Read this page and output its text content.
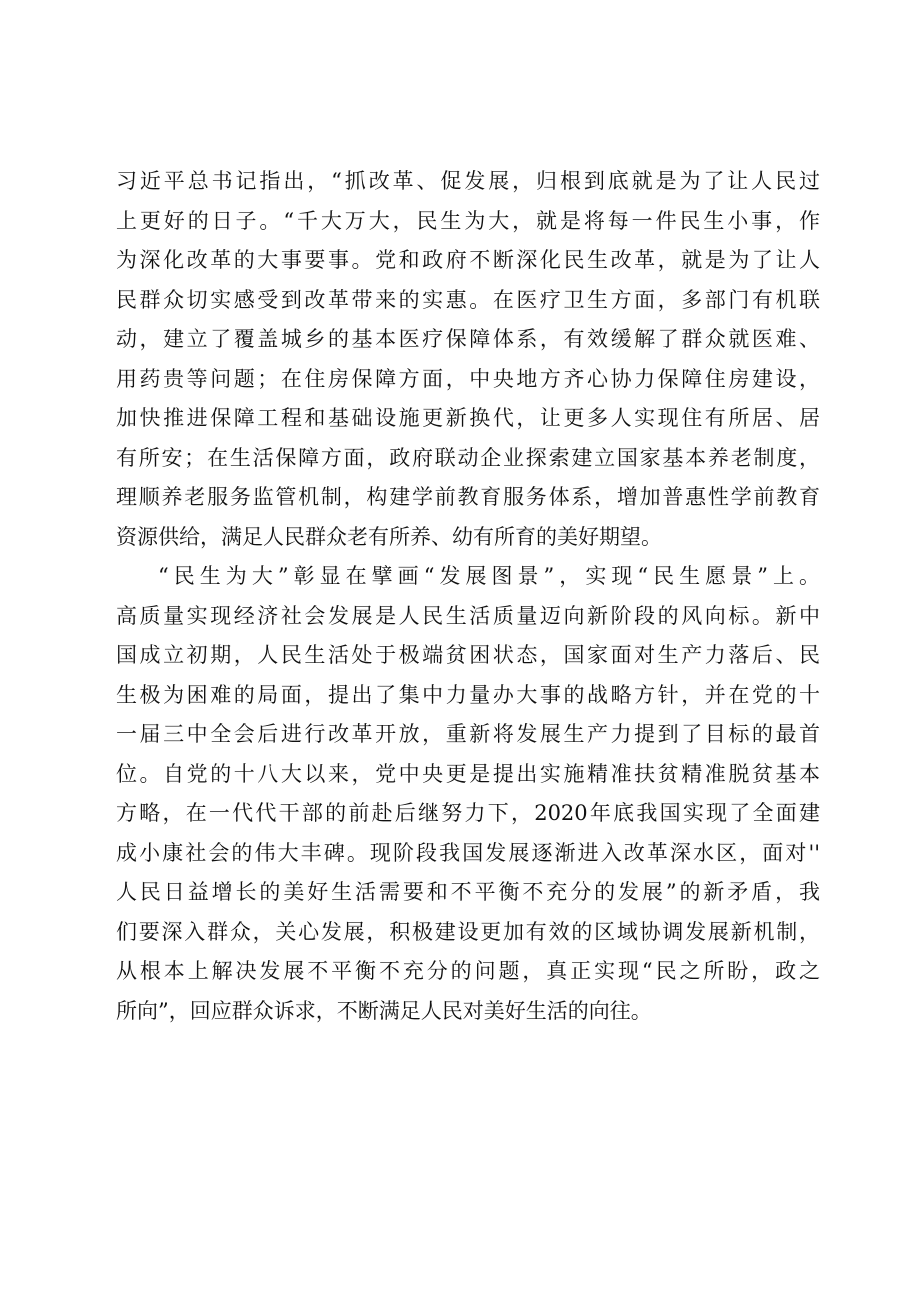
习近平总书记指出，“抓改革、促发展，归根到底就是为了让人民过
上更好的日子。“千大万大，民生为大，就是将每一件民生小事，作
为深化改革的大事要事。党和政府不断深化民生改革，就是为了让人
民群众切实感受到改革带来的实惠。在医疗卫生方面，多部门有机联
动，建立了覆盖城乡的基本医疗保障体系，有效缓解了群众就医难、
用药贵等问题；在住房保障方面，中央地方齐心协力保障住房建设，
加快推进保障工程和基础设施更新换代，让更多人实现住有所居、居
有所安；在生活保障方面，政府联动企业探索建立国家基本养老制度，
理顺养老服务监管机制，构建学前教育服务体系，增加普惠性学前教育
资源供给，满足人民群众老有所养、幼有所育的美好期望。
“民生为大”彰显在擘画“发展图景”，实现“民生愿景”上。
高质量实现经济社会发展是人民生活质量迈向新阶段的风向标。新中
国成立初期，人民生活处于极端贫困状态，国家面对生产力落后、民
生极为困难的局面，提出了集中力量办大事的战略方针，并在党的十
一届三中全会后进行改革开放，重新将发展生产力提到了目标的最首
位。自党的十八大以来，党中央更是提出实施精准扶贫精准脱贫基本
方略，在一代代干部的前赴后继努力下，2020年底我国实现了全面建
成小康社会的伟大丰碑。现阶段我国发展逐渐进入改革深水区，面对''
人民日益增长的美好生活需要和不平衡不充分的发展”的新矛盾，我
们要深入群众，关心发展，积极建设更加有效的区域协调发展新机制，
从根本上解决发展不平衡不充分的问题，真正实现“民之所盼，政之
所向”，回应群众诉求，不断满足人民对美好生活的向往。
